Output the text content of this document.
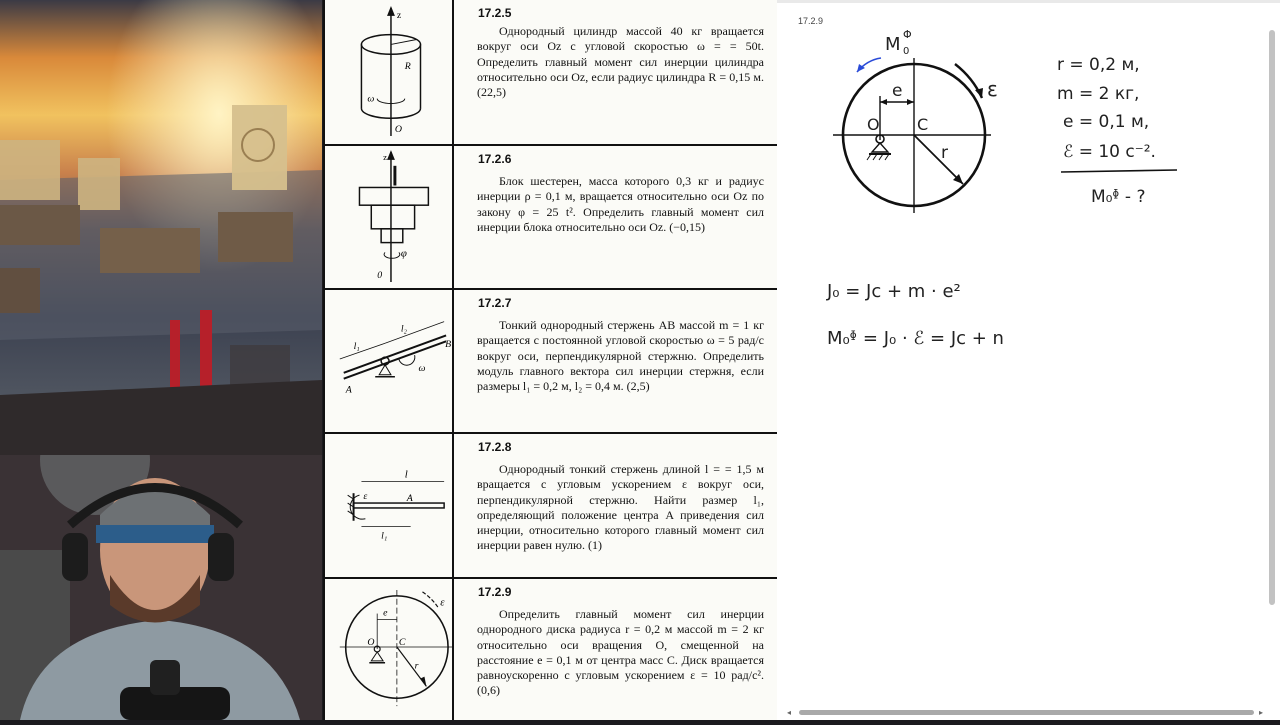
z
R
ω
O
17.2.5
Однородный цилиндр массой 40 кг вращается вокруг оси Oz с угловой скоростью ω = = 50t. Определить главный момент сил инерции цилиндра относительно оси Oz, если радиус цилиндра R = 0,15 м. (22,5)
z
φ
0
17.2.6
Блок шестерен, масса которого 0,3 кг и радиус инерции ρ = 0,1 м, вращается относительно оси Oz по закону φ = 25 t². Определить главный момент сил инерции блока относительно оси Oz. (−0,15)
l₁
l₂
A
B
ω
17.2.7
Тонкий однородный стержень AB массой m = 1 кг вращается с постоянной угловой скоростью ω = 5 рад/с вокруг оси, перпендикулярной стержню. Определить модуль главного вектора сил инерции стержня, если размеры l₁ = 0,2 м, l₂ = 0,4 м. (2,5)
l
l₁
A
ε
17.2.8
Однородный тонкий стержень длиной l = = 1,5 м вращается с угловым ускорением ε вокруг оси, перпендикулярной стержню. Найти размер l₁, определяющий положение центра A приведения сил инерции, относительно которого главный момент сил инерции равен нулю. (1)
e
O C
r
ε
17.2.9
Определить главный момент сил инерции однородного диска радиуса r = 0,2 м массой m = 2 кг относительно оси вращения O, смещенной на расстояние e = 0,1 м от центра масс C. Диск вращается равноускоренно с угловым ускорением ε = 10 рад/с². (0,6)
17.2.9
M Φ
0
e
O C
r
ε
r = 0,2 м,
m = 2 кг,
e = 0,1 м,
ℰ = 10 c⁻².
M₀ᶲ - ?
J₀ = Jc + m · e²
M₀ᶲ = J₀ · ℰ = Jc + n
◂	▸
